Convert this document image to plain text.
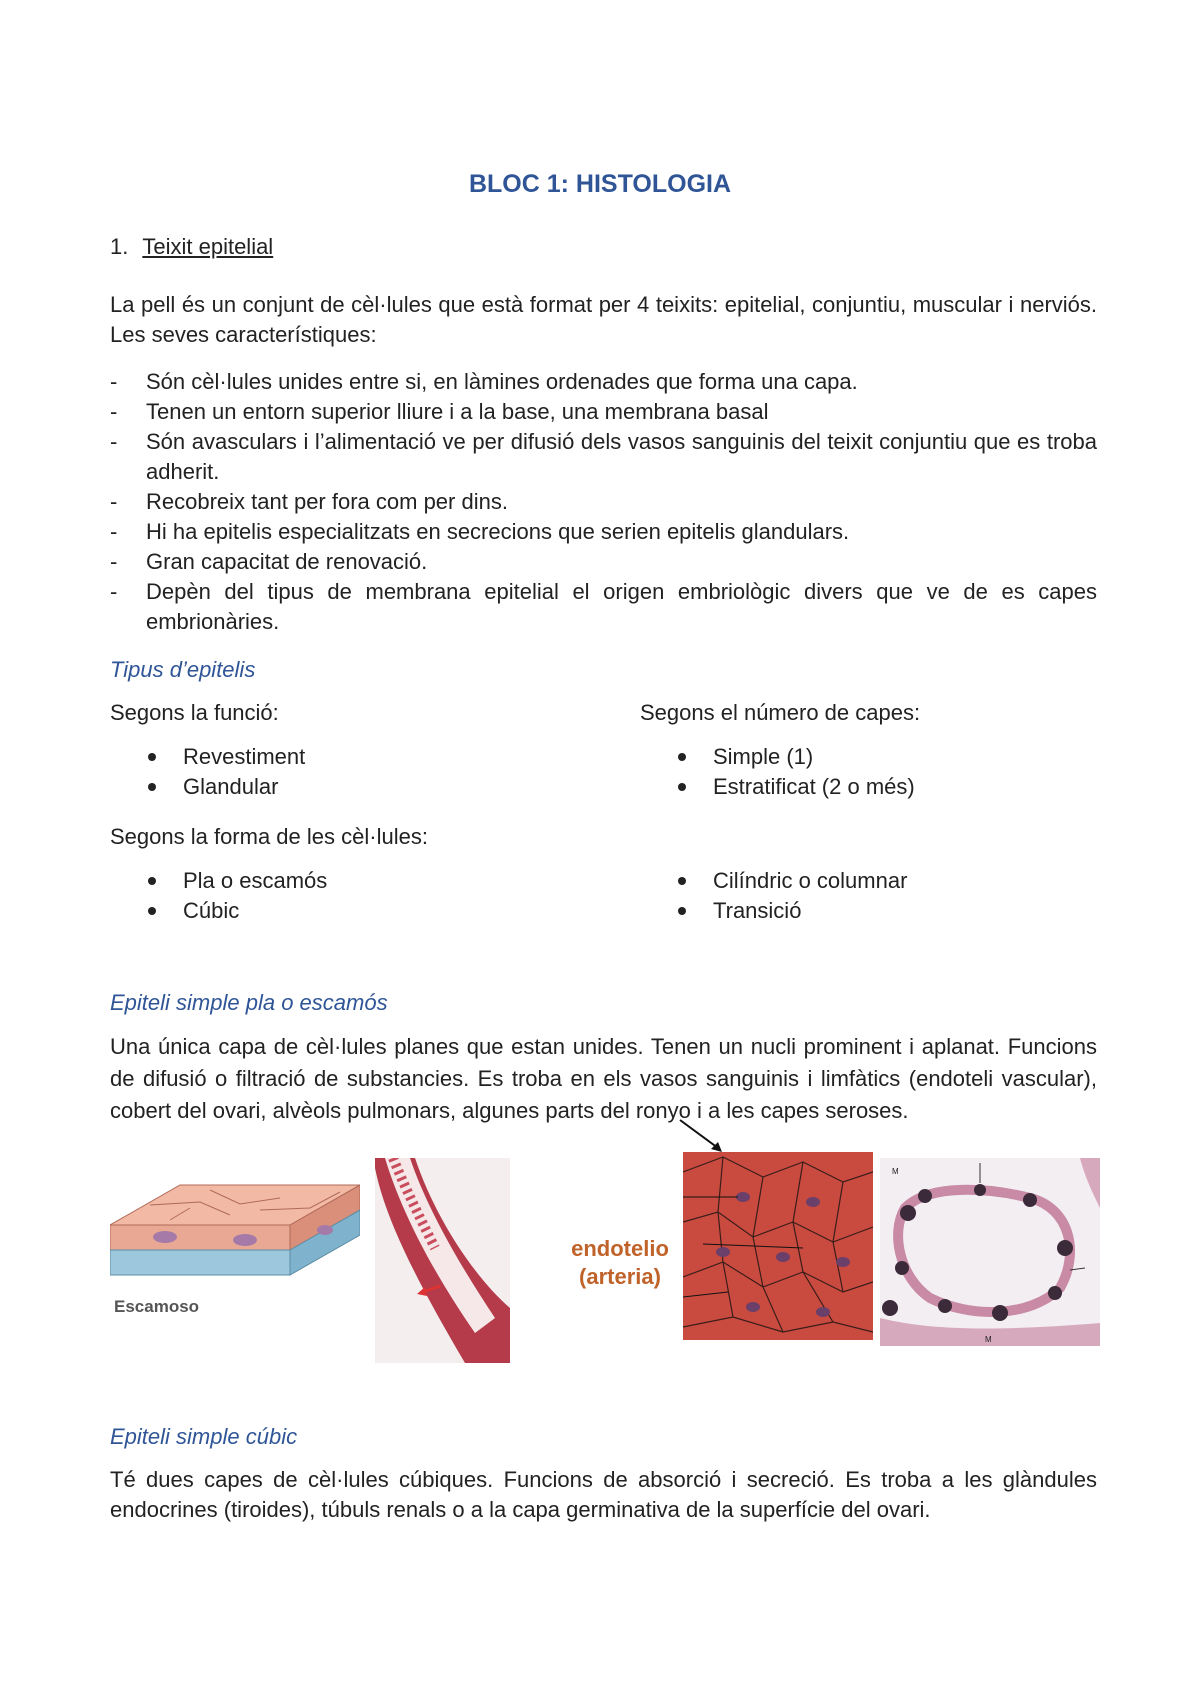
BLOC 1: HISTOLOGIA
1. Teixit epitelial
La pell és un conjunt de cèl·lules que està format per 4 teixits: epitelial, conjuntiu, muscular i nerviós. Les seves característiques:
- Són cèl·lules unides entre si, en làmines ordenades que forma una capa.
- Tenen un entorn superior lliure i a la base, una membrana basal
- Són avasculars i l’alimentació ve per difusió dels vasos sanguinis del teixit conjuntiu que es troba adherit.
- Recobreix tant per fora com per dins.
- Hi ha epitelis especialitzats en secrecions que serien epitelis glandulars.
- Gran capacitat de renovació.
- Depèn del tipus de membrana epitelial el origen embriològic divers que ve de es capes embrionàries.
Tipus d’epitelis
Segons la funció:
Revestiment
Glandular
Segons el número de capes:
Simple (1)
Estratificat (2 o més)
Segons la forma de les cèl·lules:
Pla o escamós
Cúbic
Cilíndric o columnar
Transició
Epiteli simple pla o escamós
Una única capa de cèl·lules planes que estan unides. Tenen un nucli prominent i aplanat. Funcions de difusió o filtració de substancies. Es troba en els vasos sanguinis i limfàtics (endoteli vascular), cobert del ovari, alvèols pulmonars, algunes parts del ronyo i a les capes seroses.
Escamoso
endotelio
(arteria)
M
M
Epiteli simple cúbic
Té dues capes de cèl·lules cúbiques. Funcions de absorció i secreció. Es troba a les glàndules endocrines (tiroides), túbuls renals o a la capa germinativa de la superfície del ovari.
